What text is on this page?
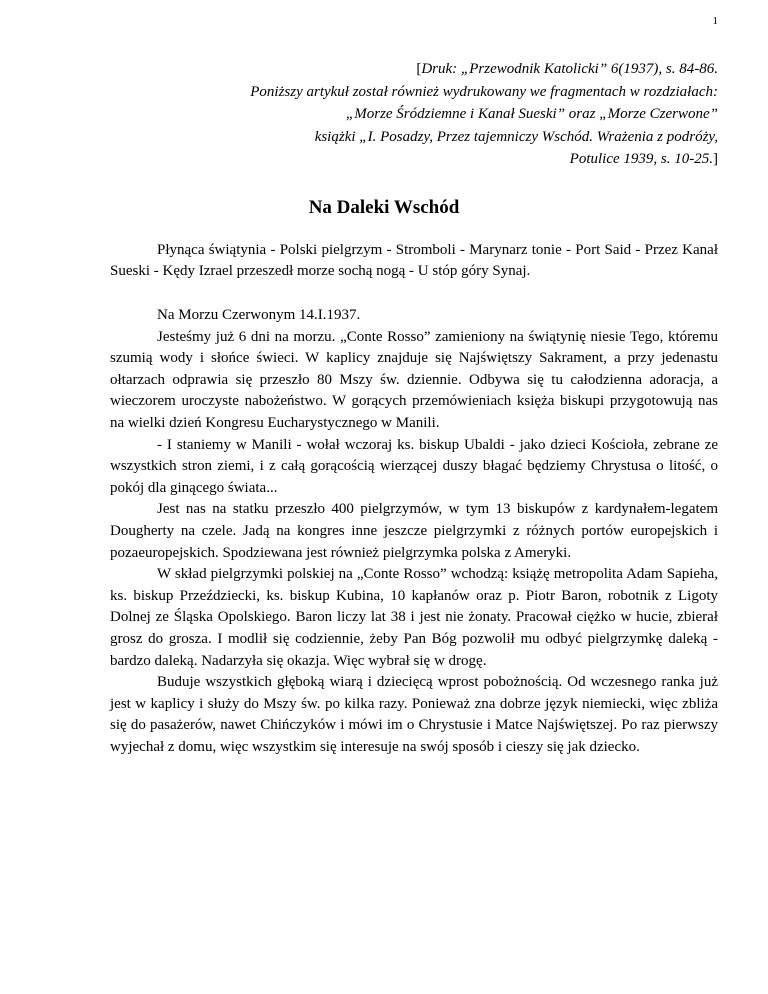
1
[Druk: „Przewodnik Katolicki” 6(1937), s. 84-86.
Poniższy artykuł został również wydrukowany we fragmentach w rozdziałach:
„Morze Śródziemne i Kanał Sueski” oraz „Morze Czerwone”
książki „I. Posadzy, Przez tajemniczy Wschód. Wrażenia z podróży,
Potulice 1939, s. 10-25.]
Na Daleki Wschód
Płynąca świątynia - Polski pielgrzym - Stromboli - Marynarz tonie - Port Said - Przez Kanał Sueski - Kędy Izrael przeszedł morze sochą nogą - U stóp góry Synaj.

Na Morzu Czerwonym 14.I.1937.

Jesteśmy już 6 dni na morzu. „Conte Rosso” zamieniony na świątynię niesie Tego, któremu szumią wody i słońce świeci. W kaplicy znajduje się Najświętszy Sakrament, a przy jedenastu ołtarzach odprawia się przeszło 80 Mszy św. dziennie. Odbywa się tu całodzienna adoracja, a wieczorem uroczyste nabożeństwo. W gorących przemówieniach księża biskupi przygotowują nas na wielki dzień Kongresu Eucharystycznego w Manili.

- I staniemy w Manili - wołał wczoraj ks. biskup Ubaldi - jako dzieci Kościoła, zebrane ze wszystkich stron ziemi, i z całą gorącością wierzącej duszy błagać będziemy Chrystusa o litość, o pokój dla ginącego świata...

Jest nas na statku przeszło 400 pielgrzymów, w tym 13 biskupów z kardynałem-legatem Dougherty na czele. Jadą na kongres inne jeszcze pielgrzymki z różnych portów europejskich i pozaeuropejskich. Spodziewana jest również pielgrzymka polska z Ameryki.

W skład pielgrzymki polskiej na „Conte Rosso” wchodzą: książę metropolita Adam Sapieha, ks. biskup Przeździecki, ks. biskup Kubina, 10 kapłanów oraz p. Piotr Baron, robotnik z Ligoty Dolnej ze Śląska Opolskiego. Baron liczy lat 38 i jest nie żonaty. Pracował ciężko w hucie, zbierał grosz do grosza. I modlił się codziennie, żeby Pan Bóg pozwolił mu odbyć pielgrzymkę daleką - bardzo daleką. Nadarzyła się okazja. Więc wybrał się w drogę.

Buduje wszystkich głęboką wiarą i dziecięcą wprost pobożnością. Od wczesnego ranka już jest w kaplicy i służy do Mszy św. po kilka razy. Ponieważ zna dobrze język niemiecki, więc zbliża się do pasażerów, nawet Chińczyków i mówi im o Chrystusie i Matce Najświętszej. Po raz pierwszy wyjechał z domu, więc wszystkim się interesuje na swój sposób i cieszy się jak dziecko.
